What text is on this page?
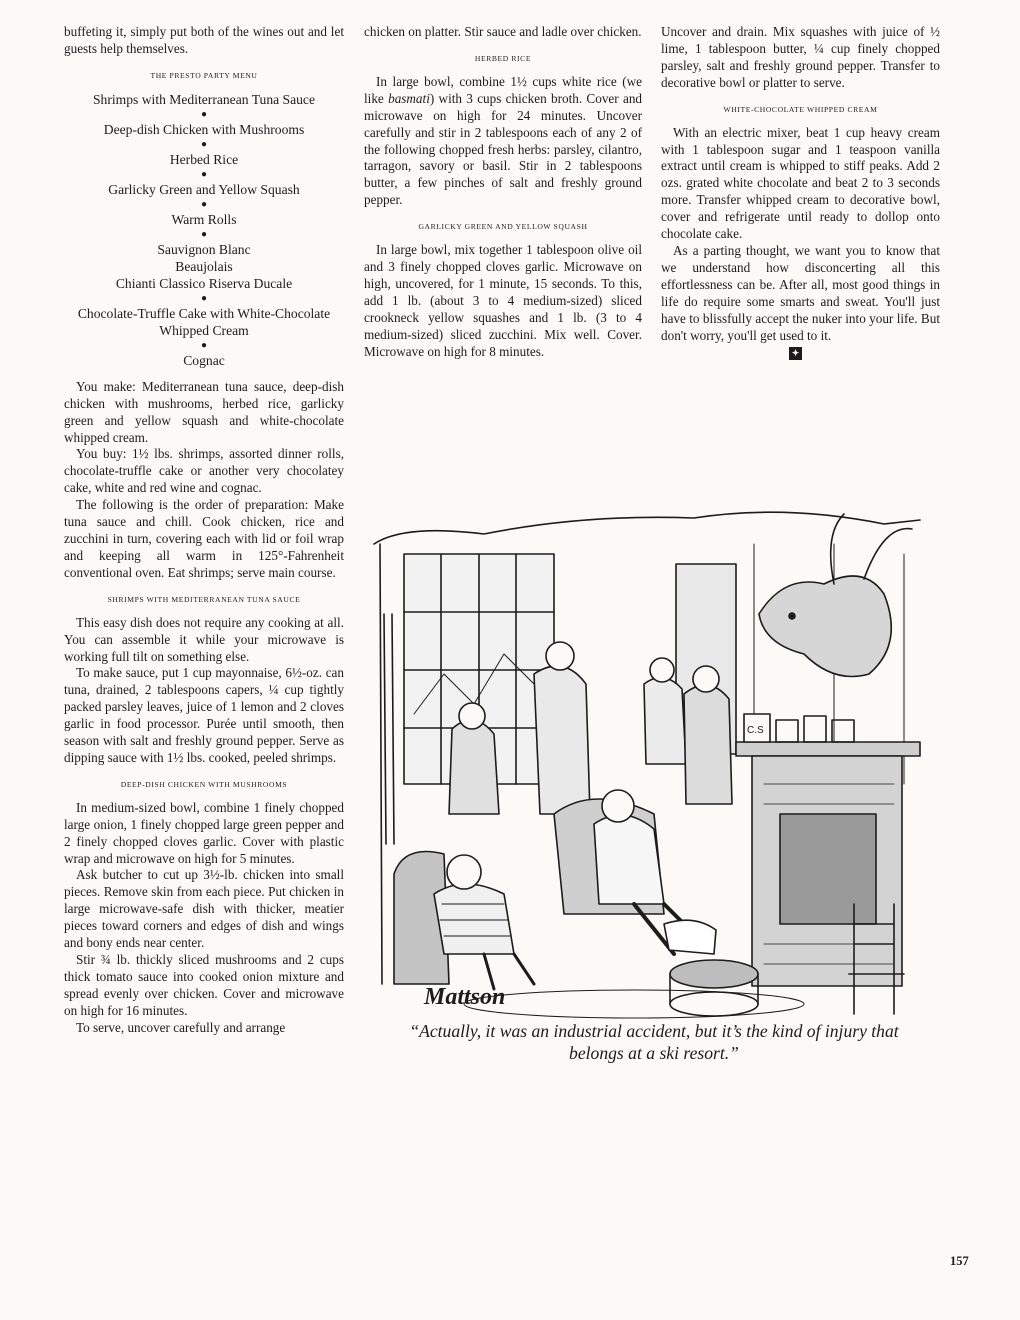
buffeting it, simply put both of the wines out and let guests help themselves.

THE PRESTO PARTY MENU
Shrimps with Mediterranean Tuna Sauce
●
Deep-dish Chicken with Mushrooms
●
Herbed Rice
●
Garlicky Green and Yellow Squash
●
Warm Rolls
●
Sauvignon Blanc
Beaujolais
Chianti Classico Riserva Ducale
●
Chocolate-Truffle Cake with White-Chocolate Whipped Cream
●
Cognac

You make: Mediterranean tuna sauce, deep-dish chicken with mushrooms, herbed rice, garlicky green and yellow squash and white-chocolate whipped cream.

You buy: 1½ lbs. shrimps, assorted dinner rolls, chocolate-truffle cake or another very chocolatey cake, white and red wine and cognac.

The following is the order of preparation: Make tuna sauce and chill. Cook chicken, rice and zucchini in turn, covering each with lid or foil wrap and keeping all warm in 125°-Fahrenheit conventional oven. Eat shrimps; serve main course.

SHRIMPS WITH MEDITERRANEAN TUNA SAUCE

This easy dish does not require any cooking at all. You can assemble it while your microwave is working full tilt on something else.

To make sauce, put 1 cup mayonnaise, 6½-oz. can tuna, drained, 2 tablespoons capers, ¼ cup tightly packed parsley leaves, juice of 1 lemon and 2 cloves garlic in food processor. Purée until smooth, then season with salt and freshly ground pepper. Serve as dipping sauce with 1½ lbs. cooked, peeled shrimps.

DEEP-DISH CHICKEN WITH MUSHROOMS

In medium-sized bowl, combine 1 finely chopped large onion, 1 finely chopped large green pepper and 2 finely chopped cloves garlic. Cover with plastic wrap and microwave on high for 5 minutes.

Ask butcher to cut up 3½-lb. chicken into small pieces. Remove skin from each piece. Put chicken in large microwave-safe dish with thicker, meatier pieces toward corners and edges of dish and wings and bony ends near center.

Stir ¾ lb. thickly sliced mushrooms and 2 cups thick tomato sauce into cooked onion mixture and spread evenly over chicken. Cover and microwave on high for 16 minutes.

To serve, uncover carefully and arrange

chicken on platter. Stir sauce and ladle over chicken.

HERBED RICE

In large bowl, combine 1½ cups white rice (we like basmati) with 3 cups chicken broth. Cover and microwave on high for 24 minutes. Uncover carefully and stir in 2 tablespoons each of any 2 of the following chopped fresh herbs: parsley, cilantro, tarragon, savory or basil. Stir in 2 tablespoons butter, a few pinches of salt and freshly ground pepper.

GARLICKY GREEN AND YELLOW SQUASH

In large bowl, mix together 1 tablespoon olive oil and 3 finely chopped cloves garlic. Microwave on high, uncovered, for 1 minute, 15 seconds. To this, add 1 lb. (about 3 to 4 medium-sized) sliced crookneck yellow squashes and 1 lb. (3 to 4 medium-sized) sliced zucchini. Mix well. Cover. Microwave on high for 8 minutes.

Uncover and drain. Mix squashes with juice of ½ lime, 1 tablespoon butter, ¼ cup finely chopped parsley, salt and freshly ground pepper. Transfer to decorative bowl or platter to serve.

WHITE-CHOCOLATE WHIPPED CREAM

With an electric mixer, beat 1 cup heavy cream with 1 tablespoon sugar and 1 teaspoon vanilla extract until cream is whipped to stiff peaks. Add 2 ozs. grated white chocolate and beat 2 to 3 seconds more. Transfer whipped cream to decorative bowl, cover and refrigerate until ready to dollop onto chocolate cake.

As a parting thought, we want you to know that we understand how disconcerting all this effortlessness can be. After all, most good things in life do require some smarts and sweat. You'll just have to blissfully accept the nuker into your life. But don't worry, you'll get used to it.

✦
Mattson
C.S
“Actually, it was an industrial accident, but it’s the kind of injury that belongs at a ski resort.”
157
